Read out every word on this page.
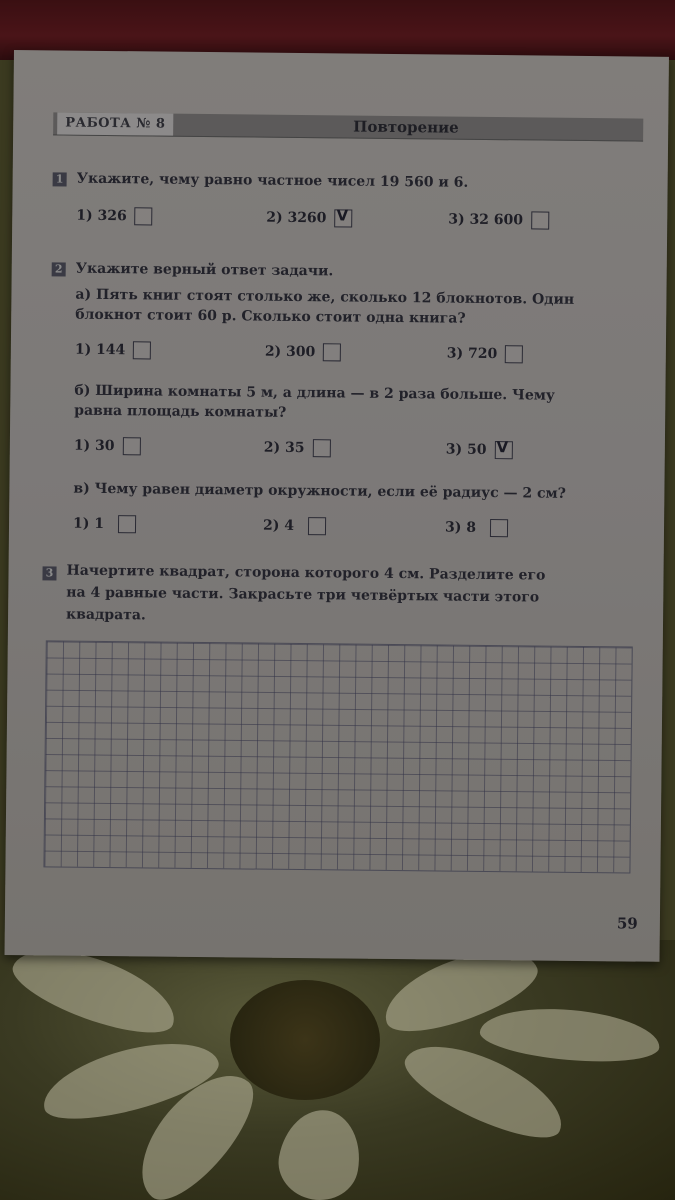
РАБОТА № 8	Повторение
1 Укажите, чему равно частное чисел 19 560 и 6.
1) 326	2) 3260 V	3) 32 600
2 Укажите верный ответ задачи.
а) Пять книг стоят столько же, сколько 12 блокнотов. Один
блокнот стоит 60 р. Сколько стоит одна книга?
1) 144	2) 300	3) 720
б) Ширина комнаты 5 м, а длина — в 2 раза больше. Чему
равна площадь комнаты?
1) 30	2) 35	3) 50 V
в) Чему равен диаметр окружности, если её радиус — 2 см?
1) 1	2) 4	3) 8
3 Начертите квадрат, сторона которого 4 см. Разделите его
на 4 равные части. Закрасьте три четвёртых части этого
квадрата.
59
